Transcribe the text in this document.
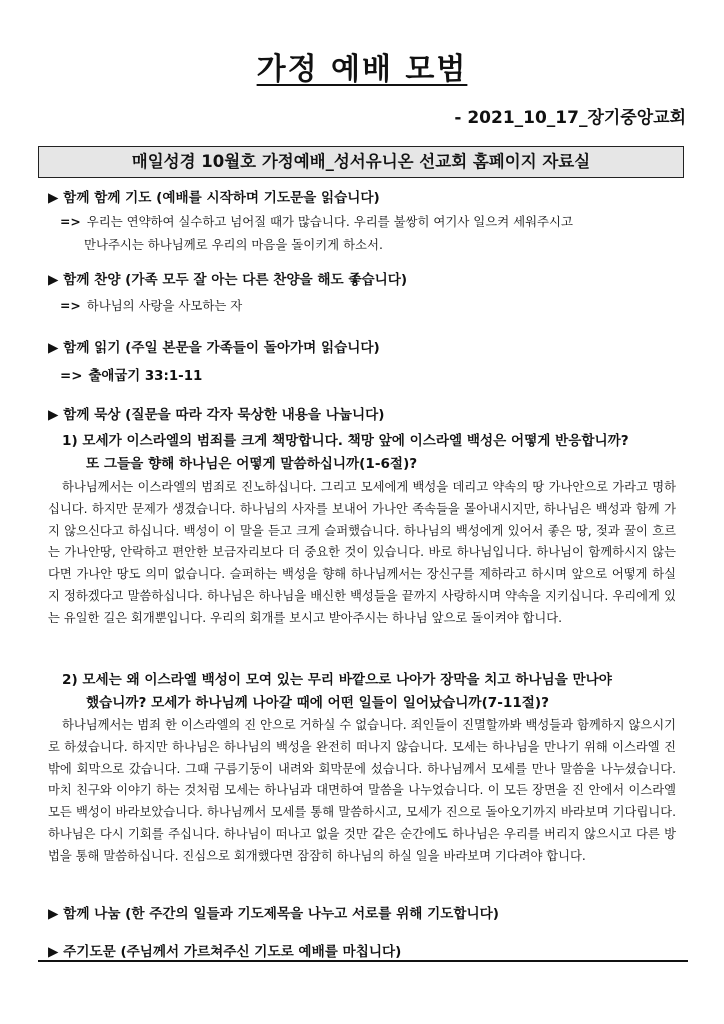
가정 예배 모범
- 2021_10_17_장기중앙교회
매일성경 10월호 가정예배_성서유니온 선교회 홈페이지 자료실
▶ 함께 함께 기도 (예배를 시작하며 기도문을 읽습니다)
=> 우리는 연약하여 실수하고 넘어질 때가 많습니다. 우리를 불쌍히 여기사 일으켜 세워주시고
만나주시는 하나님께로 우리의 마음을 돌이키게 하소서.
▶ 함께 찬양 (가족 모두 잘 아는 다른 찬양을 해도 좋습니다)
=> 하나님의 사랑을 사모하는 자
▶ 함께 읽기 (주일 본문을 가족들이 돌아가며 읽습니다)
=> 출애굽기 33:1-11
▶ 함께 묵상 (질문을 따라 각자 묵상한 내용을 나눕니다)
1) 모세가 이스라엘의 범죄를 크게 책망합니다. 책망 앞에 이스라엘 백성은 어떻게 반응합니까?
또 그들을 향해 하나님은 어떻게 말씀하십니까(1-6절)?

하나님께서는 이스라엘의 범죄로 진노하십니다. 그리고 모세에게 백성을 데리고 약속의 땅 가나안으로 가라고 명하십니다. 하지만 문제가 생겼습니다. 하나님의 사자를 보내어 가나안 족속들을 몰아내시지만, 하나님은 백성과 함께 가지 않으신다고 하십니다. 백성이 이 말을 듣고 크게 슬퍼했습니다. 하나님의 백성에게 있어서 좋은 땅, 젖과 꿀이 흐르는 가나안땅, 안락하고 편안한 보금자리보다 더 중요한 것이 있습니다. 바로 하나님입니다. 하나님이 함께하시지 않는다면 가나안 땅도 의미 없습니다. 슬퍼하는 백성을 향해 하나님께서는 장신구를 제하라고 하시며 앞으로 어떻게 하실지 정하겠다고 말씀하십니다. 하나님은 하나님을 배신한 백성들을 끝까지 사랑하시며 약속을 지키십니다. 우리에게 있는 유일한 길은 회개뿐입니다. 우리의 회개를 보시고 받아주시는 하나님 앞으로 돌이켜야 합니다.

2) 모세는 왜 이스라엘 백성이 모여 있는 무리 바깥으로 나아가 장막을 치고 하나님을 만나야
했습니까? 모세가 하나님께 나아갈 때에 어떤 일들이 일어났습니까(7-11절)?

하나님께서는 범죄 한 이스라엘의 진 안으로 거하실 수 없습니다. 죄인들이 진멸할까봐 백성들과 함께하지 않으시기로 하셨습니다. 하지만 하나님은 하나님의 백성을 완전히 떠나지 않습니다. 모세는 하나님을 만나기 위해 이스라엘 진 밖에 회막으로 갔습니다. 그때 구름기둥이 내려와 회막문에 섰습니다. 하나님께서 모세를 만나 말씀을 나누셨습니다. 마치 친구와 이야기 하는 것처럼 모세는 하나님과 대면하여 말씀을 나누었습니다. 이 모든 장면을 진 안에서 이스라엘 모든 백성이 바라보았습니다. 하나님께서 모세를 통해 말씀하시고, 모세가 진으로 돌아오기까지 바라보며 기다립니다. 하나님은 다시 기회를 주십니다. 하나님이 떠나고 없을 것만 같은 순간에도 하나님은 우리를 버리지 않으시고 다른 방법을 통해 말씀하십니다. 진심으로 회개했다면 잠잠히 하나님의 하실 일을 바라보며 기다려야 합니다.

▶ 함께 나눔 (한 주간의 일들과 기도제목을 나누고 서로를 위해 기도합니다)
▶ 주기도문 (주님께서 가르쳐주신 기도로 예배를 마칩니다)
